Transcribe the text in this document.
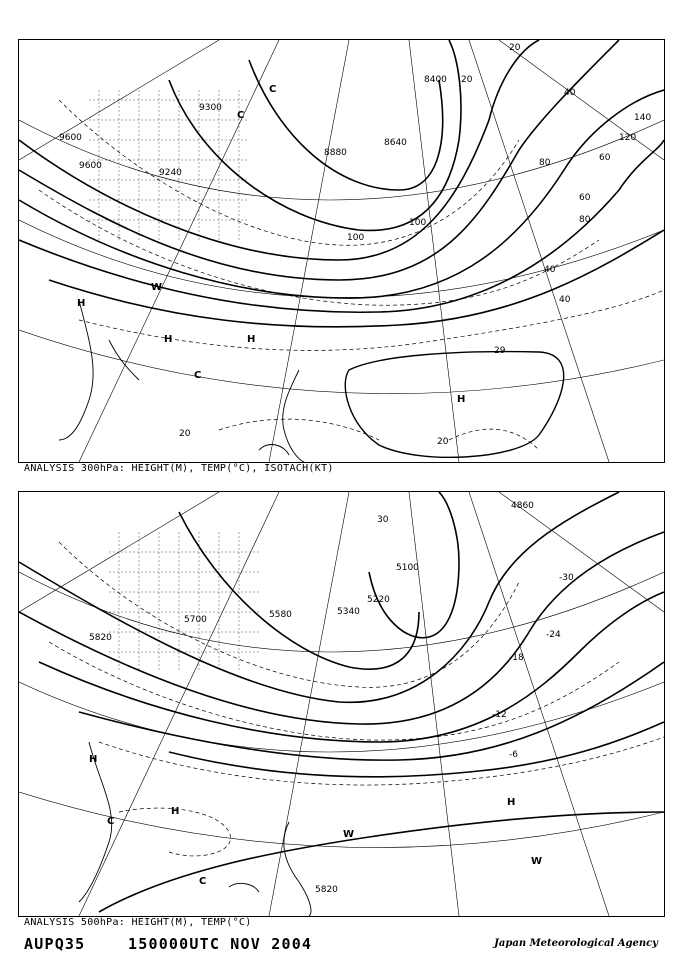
8400
9300
9600
8880
9240
9600	8640
20
40
60
80
100
120
140
100
80
60
40
20
40
20
29
20
H
H	H
C
C
H
W
C
ANALYSIS 300hPa: HEIGHT(M), TEMP(°C), ISOTACH(KT)
5700
5820
5580	5340
5100
4860
5220
30
-24
-18
-12
-30
-6
5820
H
H
H
W
W
C
C
ANALYSIS 500hPa: HEIGHT(M), TEMP(°C)
AUPQ35	150000UTC NOV 2004	Japan Meteorological Agency
